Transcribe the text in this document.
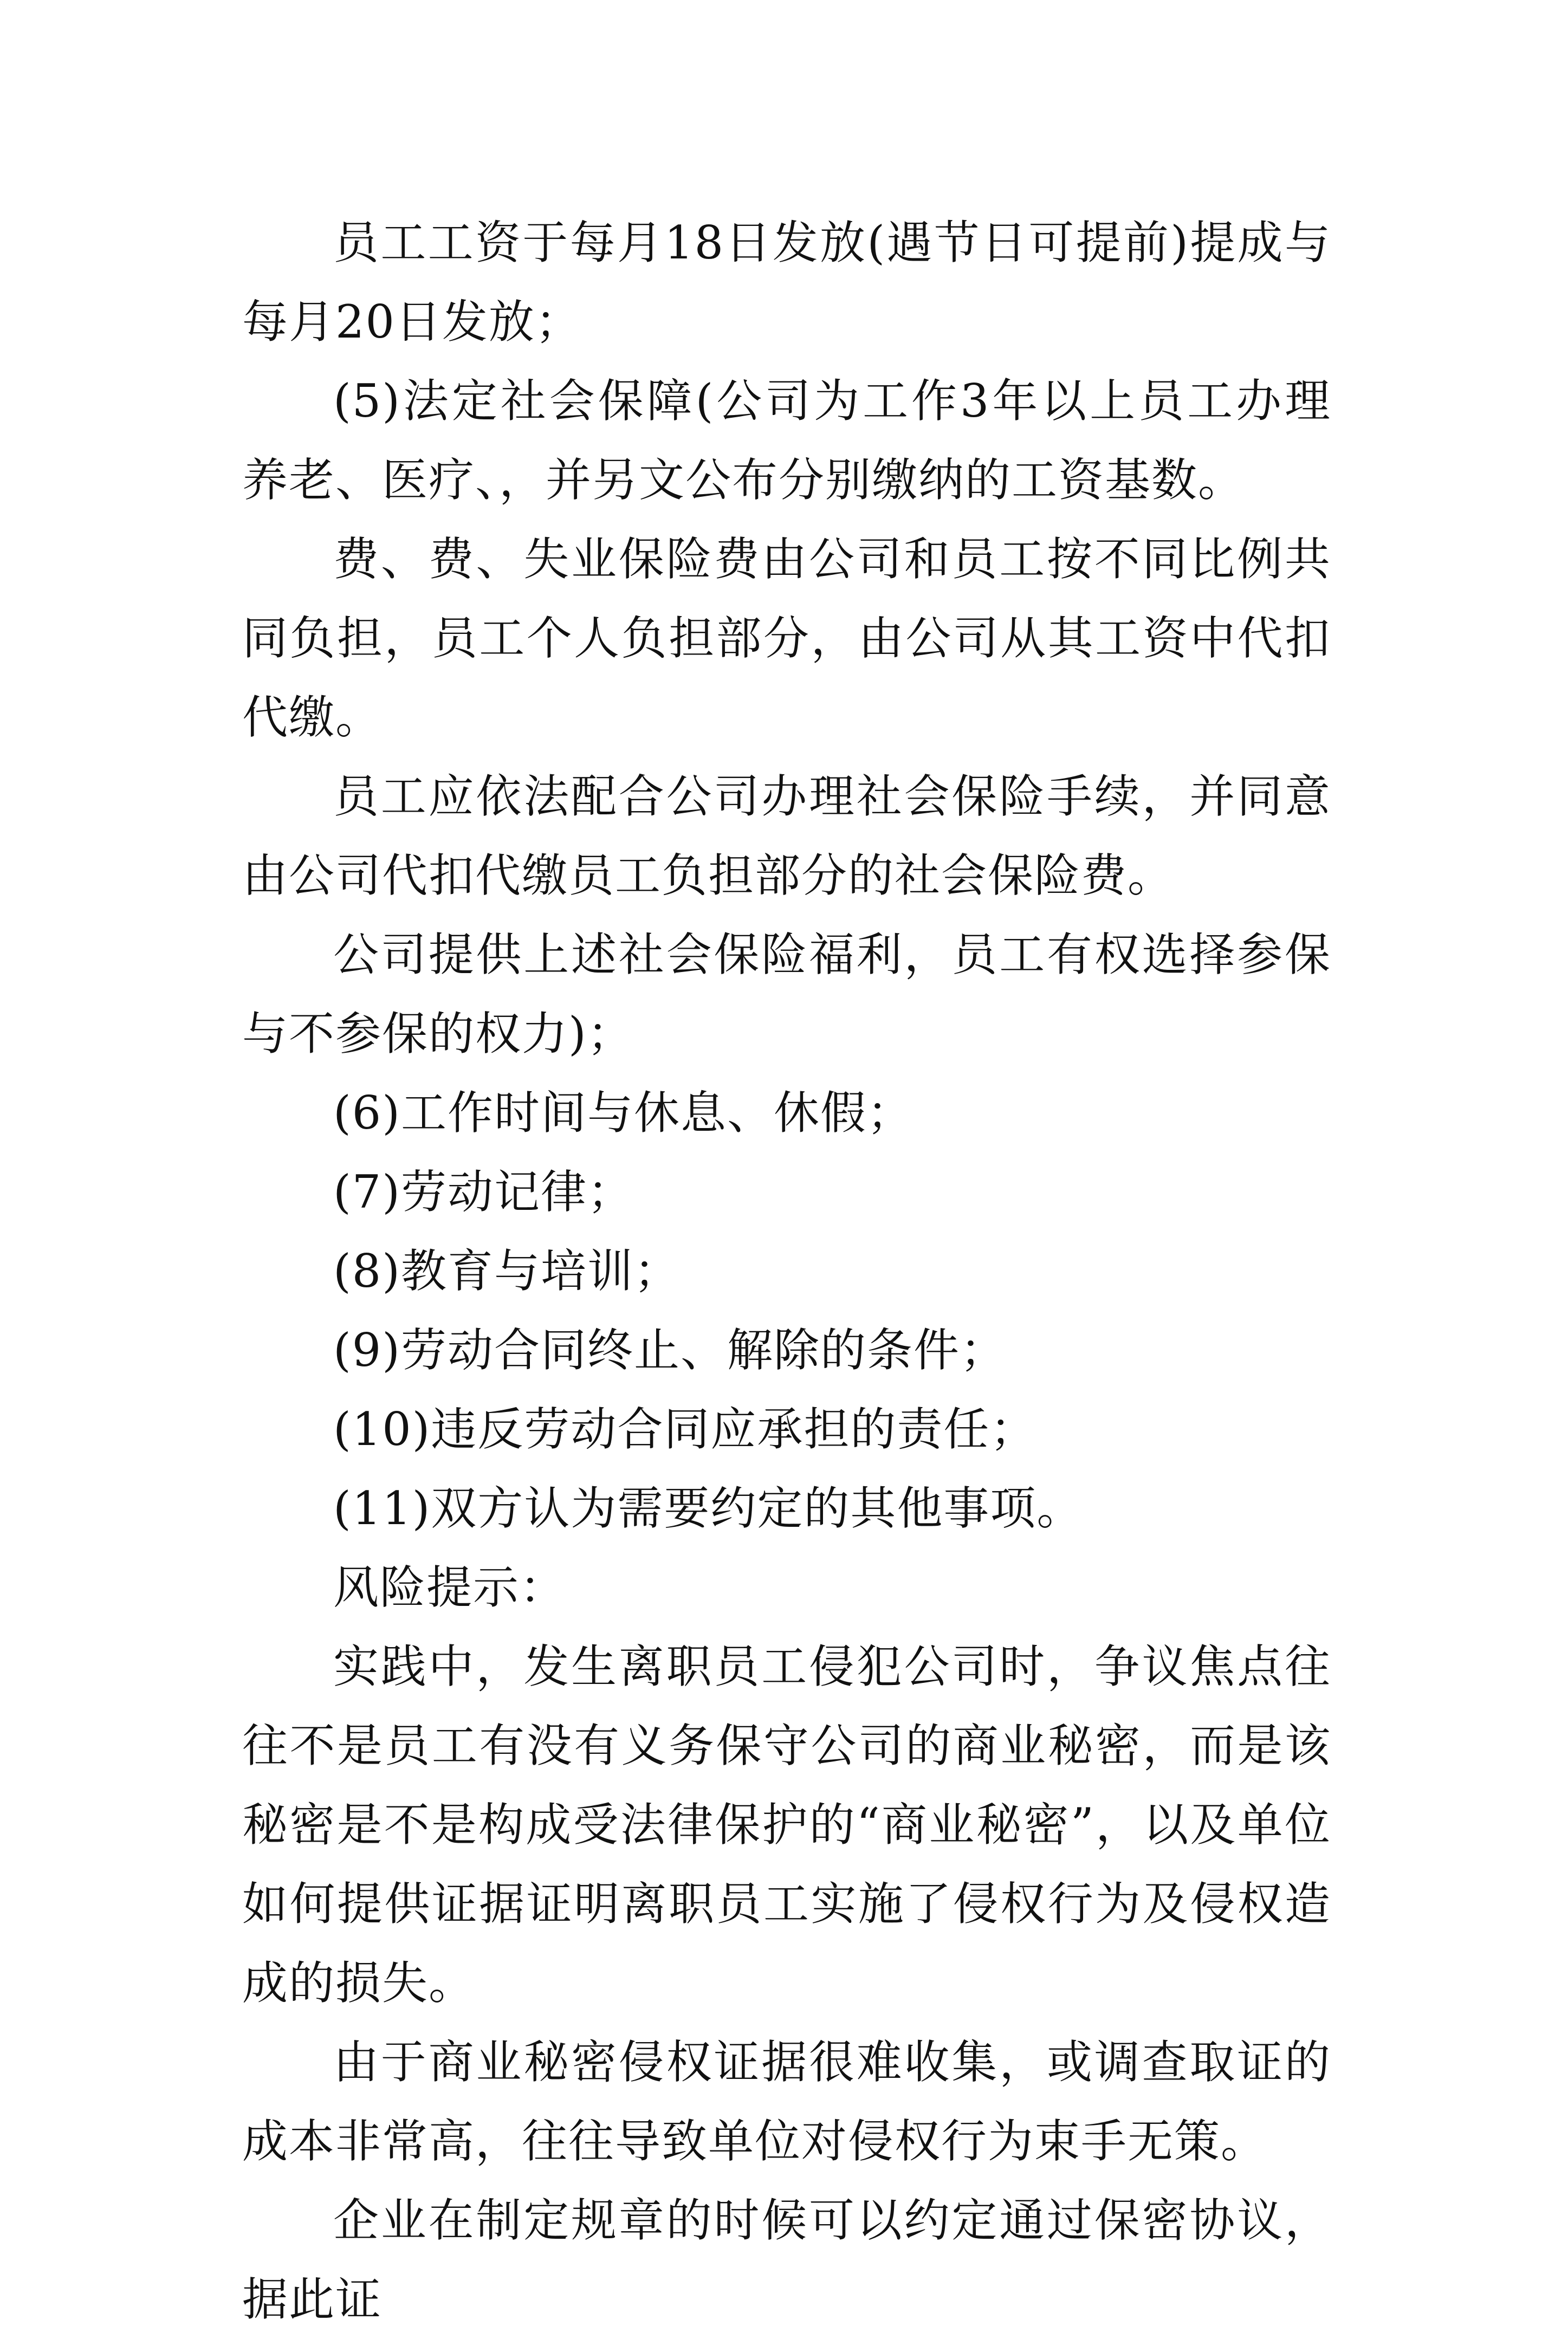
员工工资于每月18日发放(遇节日可提前)提成与每月20日发放；

(5)法定社会保障(公司为工作3年以上员工办理养老、医疗、，并另文公布分别缴纳的工资基数。

费、费、失业保险费由公司和员工按不同比例共同负担，员工个人负担部分，由公司从其工资中代扣代缴。

员工应依法配合公司办理社会保险手续，并同意由公司代扣代缴员工负担部分的社会保险费。

公司提供上述社会保险福利，员工有权选择参保与不参保的权力)；

(6)工作时间与休息、休假；

(7)劳动记律；

(8)教育与培训；

(9)劳动合同终止、解除的条件；

(10)违反劳动合同应承担的责任；

(11)双方认为需要约定的其他事项。

风险提示：

实践中，发生离职员工侵犯公司时，争议焦点往往不是员工有没有义务保守公司的商业秘密，而是该秘密是不是构成受法律保护的“商业秘密”，以及单位如何提供证据证明离职员工实施了侵权行为及侵权造成的损失。

由于商业秘密侵权证据很难收集，或调查取证的成本非常高，往往导致单位对侵权行为束手无策。

企业在制定规章的时候可以约定通过保密协议，据此证
